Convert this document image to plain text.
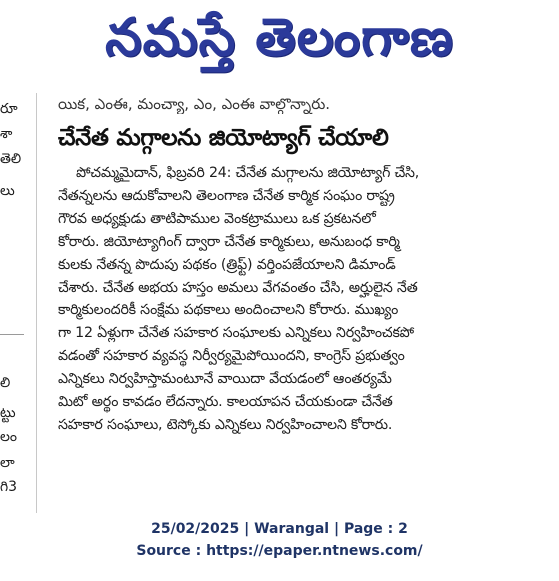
నమస్తే తెలంగాణ
రూ
శా
తెలి
లు
లి
ట్టు
లం
లా
గి3
యిక, ఎంఈ, మంచ్యా, ఎం, ఎంఈ వాల్గొన్నారు.
చేనేత మగ్గాలను జియోట్యాగ్ చేయాలి
పోచమ్మమైదాన్, ఫిబ్రవరి 24: చేనేత మగ్గాలను జియోట్యాగ్ చేసి,
నేతన్నలను ఆదుకోవాలని తెలంగాణ చేనేత కార్మిక సంఘం రాష్ట్ర
గౌరవ అధ్యక్షుడు తాటిపాముల వెంకట్రాములు ఒక ప్రకటనలో
కోరారు. జియోట్యాగింగ్ ద్వారా చేనేత కార్మికులు, అనుబంధ కార్మి
కులకు నేతన్న పొదుపు పథకం (త్రిఫ్ట్) వర్తింపజేయాలని డిమాండ్
చేశారు. చేనేత అభయ హస్తం అమలు వేగవంతం చేసి, అర్హులైన నేత
కార్మికులందరికీ సంక్షేమ పథకాలు అందించాలని కోరారు. ముఖ్యం
గా 12 ఏళ్లుగా చేనేత సహకార సంఘాలకు ఎన్నికలు నిర్వహించకపో
వడంతో సహకార వ్యవస్థ నిర్వీర్యమైపోయిందని, కాంగ్రెస్ ప్రభుత్వం
ఎన్నికలు నిర్వహిస్తామంటూనే వాయిదా వేయడంలో ఆంతర్యమే
మిటో అర్థం కావడం లేదన్నారు. కాలయాపన చేయకుండా చేనేత
సహకార సంఘాలు, టెస్కోకు ఎన్నికలు నిర్వహించాలని కోరారు.
25/02/2025 | Warangal | Page : 2
Source : https://epaper.ntnews.com/
